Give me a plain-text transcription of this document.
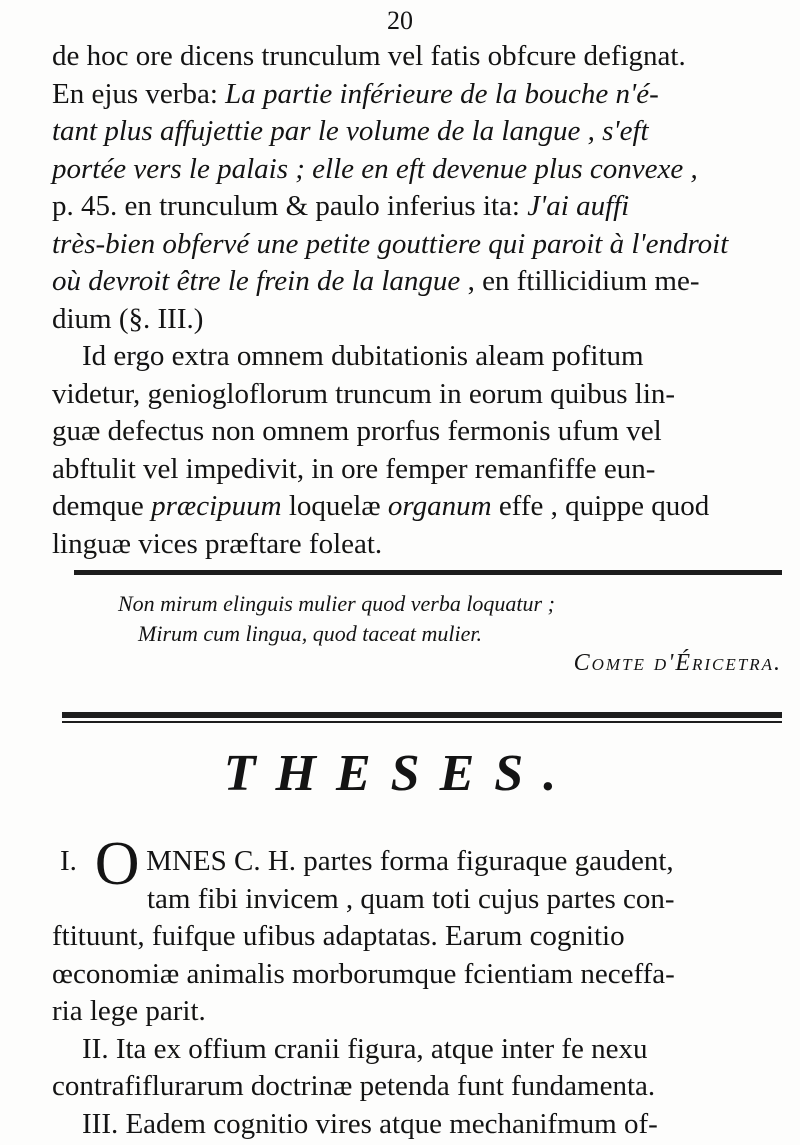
20
de hoc ore dicens trunculum vel fatis obfcure defignat.
En ejus verba: La partie inférieure de la bouche n'é-
tant plus affujettie par le volume de la langue , s'eft
portée vers le palais ; elle en eft devenue plus convexe ,
p. 45. en trunculum & paulo inferius ita: J'ai auffi
très-bien obfervé une petite gouttiere qui paroit à l'endroit
où devroit être le frein de la langue , en ftillicidium me-
dium (§. III.)
Id ergo extra omnem dubitationis aleam pofitum
videtur, geniogloflorum truncum in eorum quibus lin-
guæ defectus non omnem prorfus fermonis ufum vel
abftulit vel impedivit, in ore femper remanfiffe eun-
demque præcipuum loquelæ organum effe , quippe quod
linguæ vices præftare foleat.
Non mirum elinguis mulier quod verba loquatur ;
Mirum cum lingua, quod taceat mulier.
Comte d'Éricetra.
THESES.
I. O MNES C. H. partes forma figuraque gaudent,
tam fibi invicem , quam toti cujus partes con-
ftituunt, fuifque ufibus adaptatas. Earum cognitio
œconomiæ animalis morborumque fcientiam neceffa-
ria lege parit.
II. Ita ex offium cranii figura, atque inter fe nexu
contrafiflurarum doctrinæ petenda funt fundamenta.
III. Eadem cognitio vires atque mechanifmum of-
